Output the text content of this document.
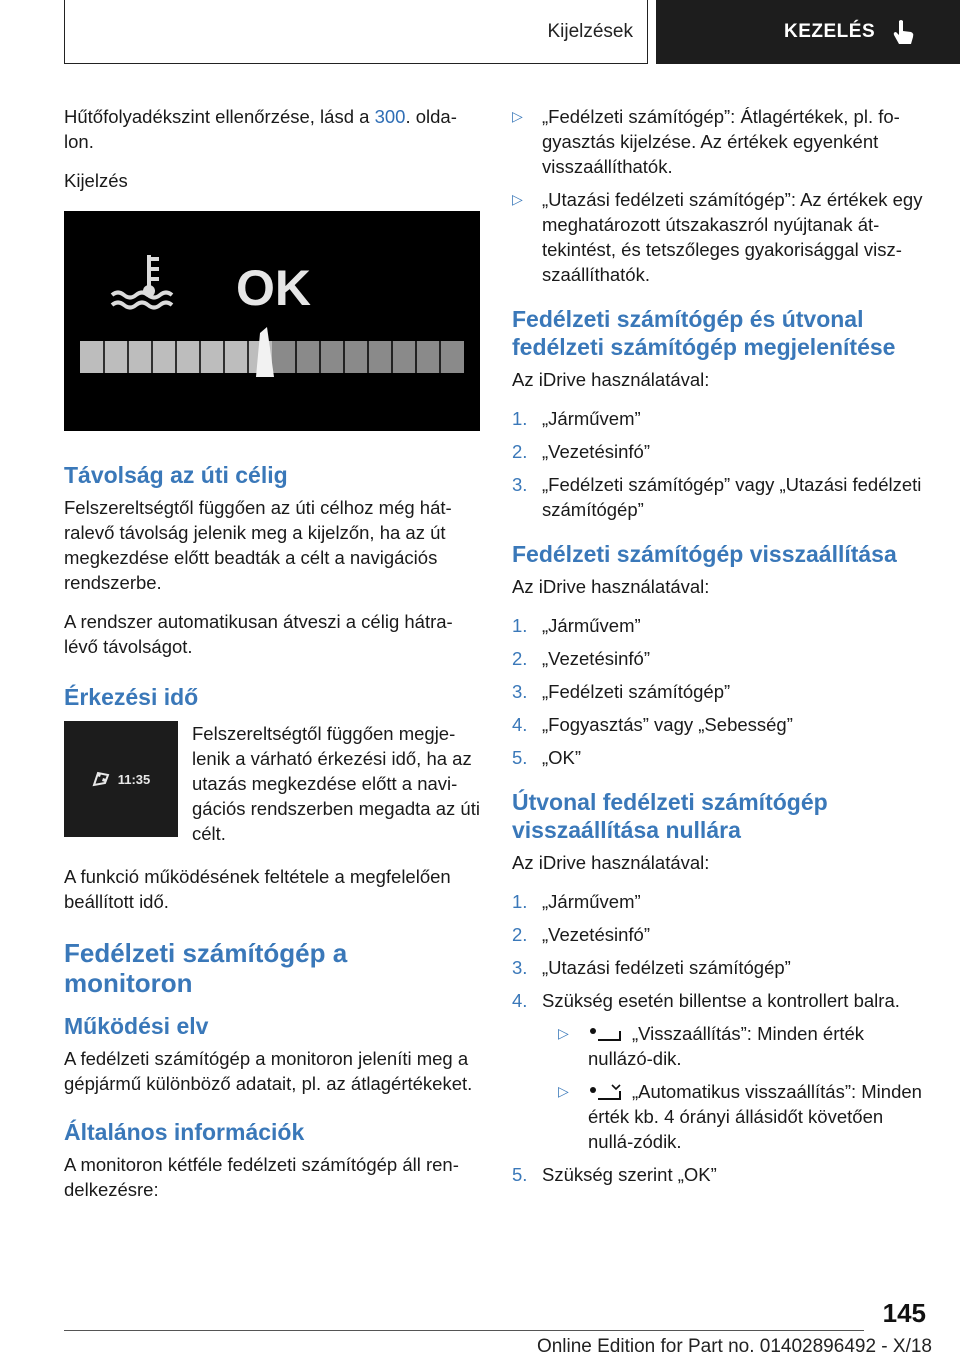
Kijelzések	KEZELÉS

Hűtőfolyadékszint ellenőrzése, lásd a 300. olda-lon.

Kijelzés

OK
Távolság az úti célig

Felszereltségtől függően az úti célhoz még hát-ralevő távolság jelenik meg a kijelzőn, ha az út megkezdése előtt beadták a célt a navigációs rendszerbe.

A rendszer automatikusan átveszi a célig hátra-lévő távolságot.

Érkezési idő
11:35
Felszereltségtől függően megje-lenik a várható érkezési idő, ha az utazás megkezdése előtt a navi-gációs rendszerben megadta az úti célt.

A funkció működésének feltétele a megfelelően beállított idő.

Fedélzeti számítógép a monitoron
Működési elv

A fedélzeti számítógép a monitoron jeleníti meg a gépjármű különböző adatait, pl. az átlagértékeket.

Általános információk

A monitoron kétféle fedélzeti számítógép áll ren-delkezésre:

▷ „Fedélzeti számítógép”: Átlagértékek, pl. fo-gyasztás kijelzése. Az értékek egyenként visszaállíthatók.
▷ „Utazási fedélzeti számítógép”: Az értékek egy meghatározott útszakaszról nyújtanak át-tekintést, és tetszőleges gyakorisággal visz-szaállíthatók.
Fedélzeti számítógép és útvonal fedélzeti számítógép megjelenítése

Az iDrive használatával:

1. „Járművem”
2. „Vezetésinfó”
3. „Fedélzeti számítógép” vagy „Utazási fedélzeti számítógép”
Fedélzeti számítógép visszaállítása

Az iDrive használatával:

1. „Járművem”
2. „Vezetésinfó”
3. „Fedélzeti számítógép”
4. „Fogyasztás” vagy „Sebesség”
5. „OK”
Útvonal fedélzeti számítógép visszaállítása nullára

Az iDrive használatával:

1. „Járművem”
2. „Vezetésinfó”
3. „Utazási fedélzeti számítógép”
4. Szükség esetén billentse a kontrollert balra.
▷	„Visszaállítás”: Minden érték nullázó-dik.
▷	„Automatikus visszaállítás”: Minden érték kb. 4 órányi állásidőt követően nullá-zódik.
5. Szükség szerint „OK”
145
Online Edition for Part no. 01402896492 - X/18
